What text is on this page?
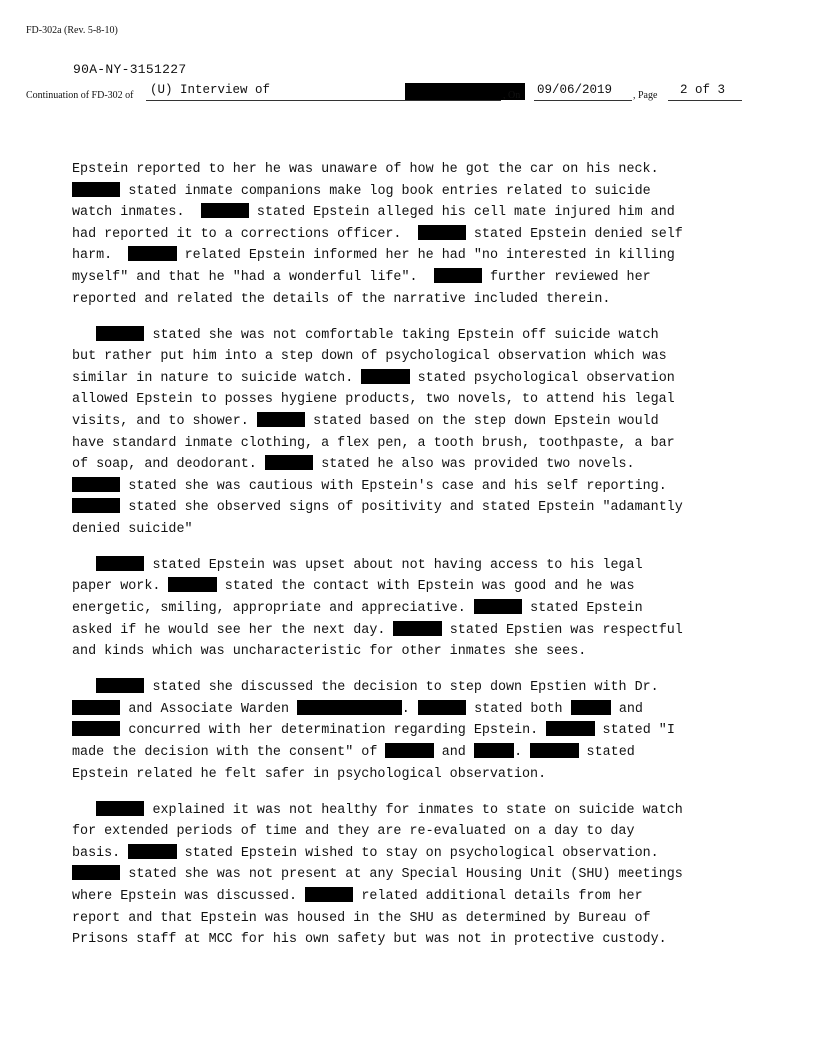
FD-302a (Rev. 5-8-10)
90A-NY-3151227
Continuation of FD-302 of (U) Interview of	, On 09/06/2019 , Page 2 of 3
Epstein reported to her he was unaware of how he got the car on his neck.
stated inmate companions make log book entries related to suicide
watch inmates.	stated Epstein alleged his cell mate injured him and
had reported it to a corrections officer.	stated Epstein denied self
harm.	related Epstein informed her he had "no interested in killing
myself" and that he "had a wonderful life".	further reviewed her
reported and related the details of the narrative included therein.
stated she was not comfortable taking Epstein off suicide watch
but rather put him into a step down of psychological observation which was
similar in nature to suicide watch.	stated psychological observation
allowed Epstein to posses hygiene products, two novels, to attend his legal
visits, and to shower.	stated based on the step down Epstein would
have standard inmate clothing, a flex pen, a tooth brush, toothpaste, a bar
of soap, and deodorant.	stated he also was provided two novels.
stated she was cautious with Epstein's case and his self reporting.
stated she observed signs of positivity and stated Epstein "adamantly
denied suicide"
stated Epstein was upset about not having access to his legal
paper work.	stated the contact with Epstein was good and he was
energetic, smiling, appropriate and appreciative.	stated Epstein
asked if he would see her the next day.	stated Epstien was respectful
and kinds which was uncharacteristic for other inmates she sees.
stated she discussed the decision to step down Epstien with Dr.
and Associate Warden	.	stated both	and
concurred with her determination regarding Epstein.	stated "I
made the decision with the consent" of	and	.	stated
Epstein related he felt safer in psychological observation.
explained it was not healthy for inmates to state on suicide watch
for extended periods of time and they are re-evaluated on a day to day
basis.	stated Epstein wished to stay on psychological observation.
stated she was not present at any Special Housing Unit (SHU) meetings
where Epstein was discussed.	related additional details from her
report and that Epstein was housed in the SHU as determined by Bureau of
Prisons staff at MCC for his own safety but was not in protective custody.
